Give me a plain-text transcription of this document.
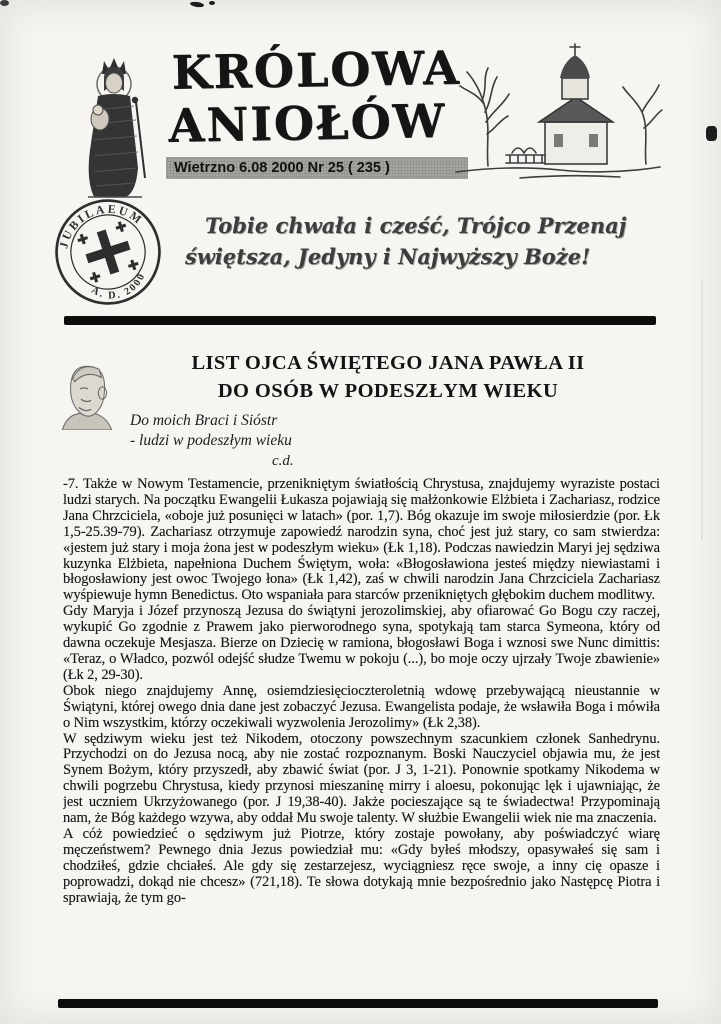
KRÓLOWA
ANIOŁÓW
Wietrzno 6.08 2000 Nr 25 ( 235 )
JUBILAEUM
A. D. 2000
Tobie chwała i cześć, Trójco Przenaj
świętsza, Jedyny i Najwyższy Boże!
LIST OJCA ŚWIĘTEGO JANA PAWŁA II
DO OSÓB W PODESZŁYM WIEKU
Do moich Braci i Sióstr
- ludzi w podeszłym wieku
c.d.

-7. Także w Nowym Testamencie, przenikniętym światłością Chrystusa, znajdujemy wyraziste postaci ludzi starych. Na początku Ewangelii Łukasza pojawiają się małżonkowie Elżbieta i Zachariasz, rodzice Jana Chrzciciela, «oboje już posunięci w latach» (por. 1,7). Bóg okazuje im swoje miłosierdzie (por. Łk 1,5-25.39-79). Zachariasz otrzymuje zapowiedź narodzin syna, choć jest już stary, co sam stwierdza: «jestem już stary i moja żona jest w podeszłym wieku» (Łk 1,18). Podczas nawiedzin Maryi jej sędziwa kuzynka Elżbieta, napełniona Duchem Świętym, woła: «Błogosławiona jesteś między niewiastami i błogosławiony jest owoc Twojego łona» (Łk 1,42), zaś w chwili narodzin Jana Chrzciciela Zachariasz wyśpiewuje hymn Benedictus. Oto wspaniała para starców przenikniętych głębokim duchem modlitwy.

Gdy Maryja i Józef przynoszą Jezusa do świątyni jerozolimskiej, aby ofiarować Go Bogu czy raczej, wykupić Go zgodnie z Prawem jako pierworodnego syna, spotykają tam starca Symeona, który od dawna oczekuje Mesjasza. Bierze on Dziecię w ramiona, błogosławi Boga i wznosi swe Nunc dimittis: «Teraz, o Władco, pozwól odejść słudze Twemu w pokoju (...), bo moje oczy ujrzały Twoje zbawienie» (Łk 2, 29-30).

Obok niego znajdujemy Annę, osiemdziesięcioczteroletnią wdowę przebywającą nieustannie w Świątyni, której owego dnia dane jest zobaczyć Jezusa. Ewangelista podaje, że wsławiła Boga i mówiła o Nim wszystkim, którzy oczekiwali wyzwolenia Jerozolimy» (Łk 2,38).

W sędziwym wieku jest też Nikodem, otoczony powszechnym szacunkiem członek Sanhedrynu. Przychodzi on do Jezusa nocą, aby nie zostać rozpoznanym. Boski Nauczyciel objawia mu, że jest Synem Bożym, który przyszedł, aby zbawić świat (por. J 3, 1-21). Ponownie spotkamy Nikodema w chwili pogrzebu Chrystusa, kiedy przynosi mieszaninę mirry i aloesu, pokonując lęk i ujawniając, że jest uczniem Ukrzyżowanego (por. J 19,38-40). Jakże pocieszające są te świadectwa! Przypominają nam, że Bóg każdego wzywa, aby oddał Mu swoje talenty. W służbie Ewangelii wiek nie ma znaczenia.

A cóż powiedzieć o sędziwym już Piotrze, który zostaje powołany, aby poświadczyć wiarę męczeństwem? Pewnego dnia Jezus powiedział mu: «Gdy byłeś młodszy, opasywałeś się sam i chodziłeś, gdzie chciałeś. Ale gdy się zestarzejesz, wyciągniesz ręce swoje, a inny cię opasze i poprowadzi, dokąd nie chcesz» (721,18). Te słowa dotykają mnie bezpośrednio jako Następcę Piotra i sprawiają, że tym go-
